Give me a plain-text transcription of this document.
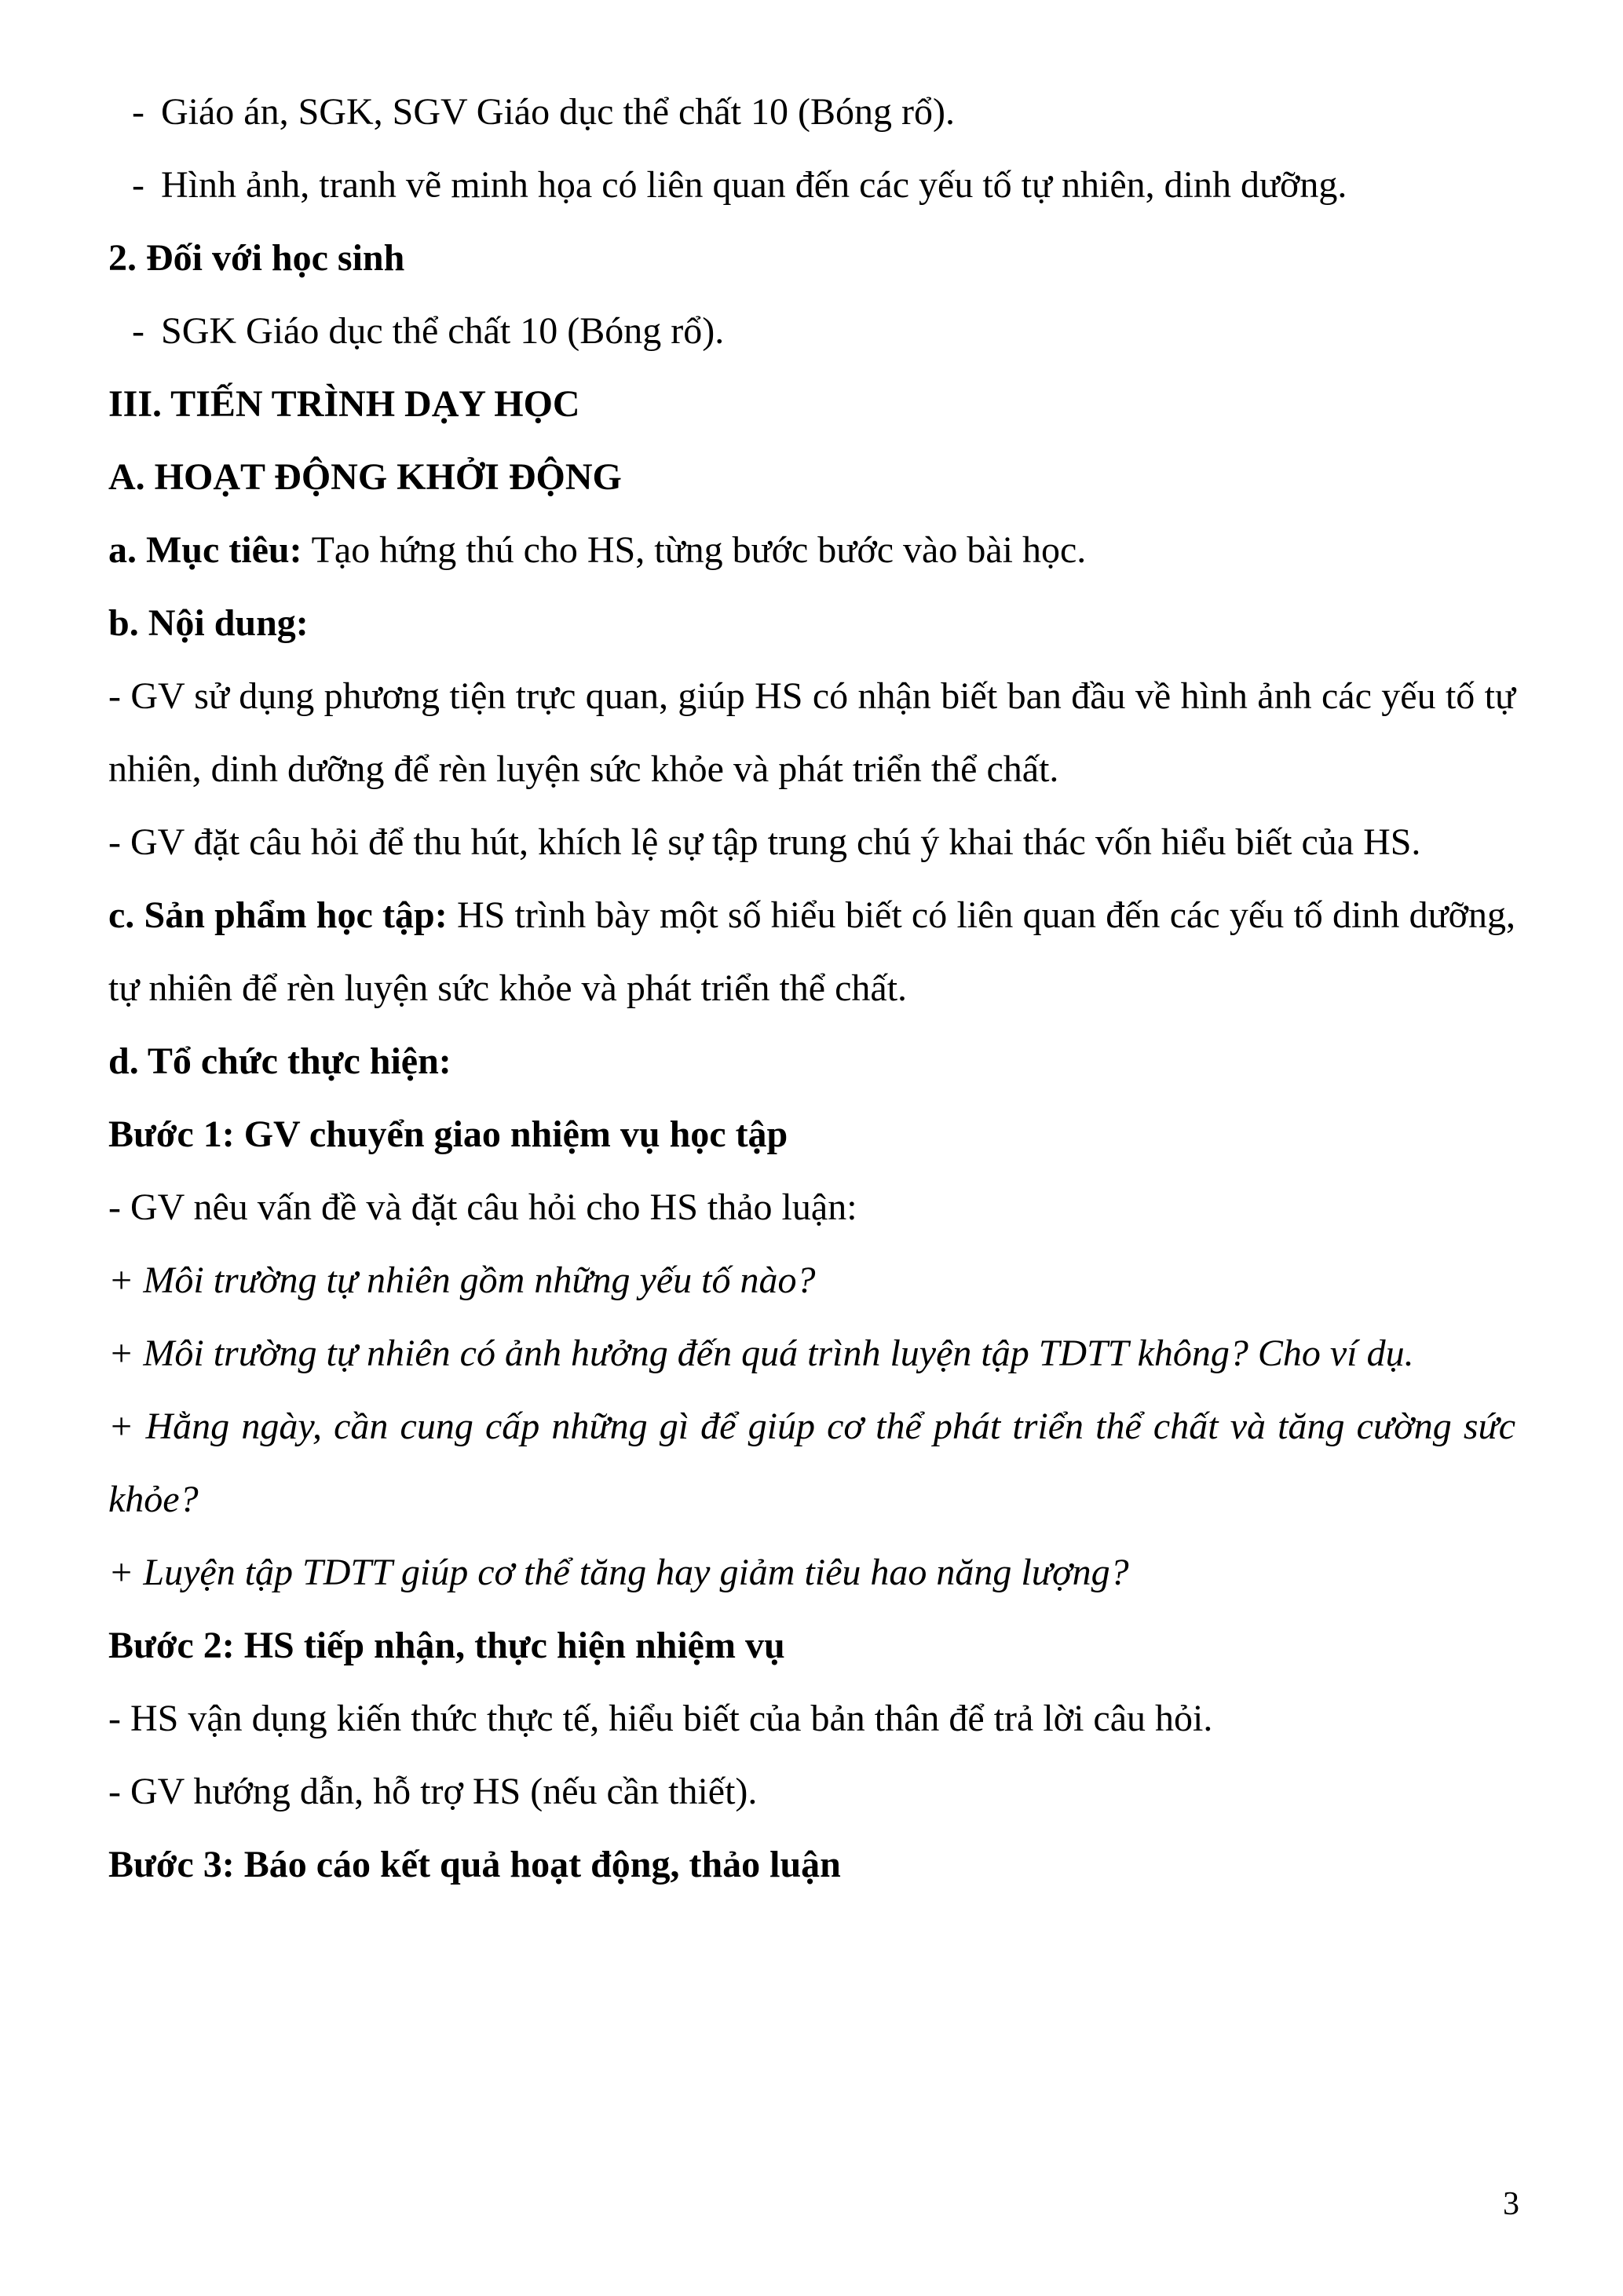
- Giáo án, SGK, SGV Giáo dục thể chất 10 (Bóng rổ).
- Hình ảnh, tranh vẽ minh họa có liên quan đến các yếu tố tự nhiên, dinh dưỡng.
2. Đối với học sinh
- SGK Giáo dục thể chất 10 (Bóng rổ).
III. TIẾN TRÌNH DẠY HỌC
A. HOẠT ĐỘNG KHỞI ĐỘNG
a. Mục tiêu: Tạo hứng thú cho HS, từng bước bước vào bài học.
b. Nội dung:
- GV sử dụng phương tiện trực quan, giúp HS có nhận biết ban đầu về hình ảnh các yếu tố tự nhiên, dinh dưỡng để rèn luyện sức khỏe và phát triển thể chất.
- GV đặt câu hỏi để thu hút, khích lệ sự tập trung chú ý khai thác vốn hiểu biết của HS.
c. Sản phẩm học tập: HS trình bày một số hiểu biết có liên quan đến các yếu tố dinh dưỡng, tự nhiên để rèn luyện sức khỏe và phát triển thể chất.
d. Tổ chức thực hiện:
Bước 1: GV chuyển giao nhiệm vụ học tập
- GV nêu vấn đề và đặt câu hỏi cho HS thảo luận:
+ Môi trường tự nhiên gồm những yếu tố nào?
+ Môi trường tự nhiên có ảnh hưởng đến quá trình luyện tập TDTT không? Cho ví dụ.
+ Hằng ngày, cần cung cấp những gì để giúp cơ thể phát triển thể chất và tăng cường sức khỏe?
+ Luyện tập TDTT giúp cơ thể tăng hay giảm tiêu hao năng lượng?
Bước 2: HS tiếp nhận, thực hiện nhiệm vụ
- HS vận dụng kiến thức thực tế, hiểu biết của bản thân để trả lời câu hỏi.
- GV hướng dẫn, hỗ trợ HS (nếu cần thiết).
Bước 3: Báo cáo kết quả hoạt động, thảo luận
3
